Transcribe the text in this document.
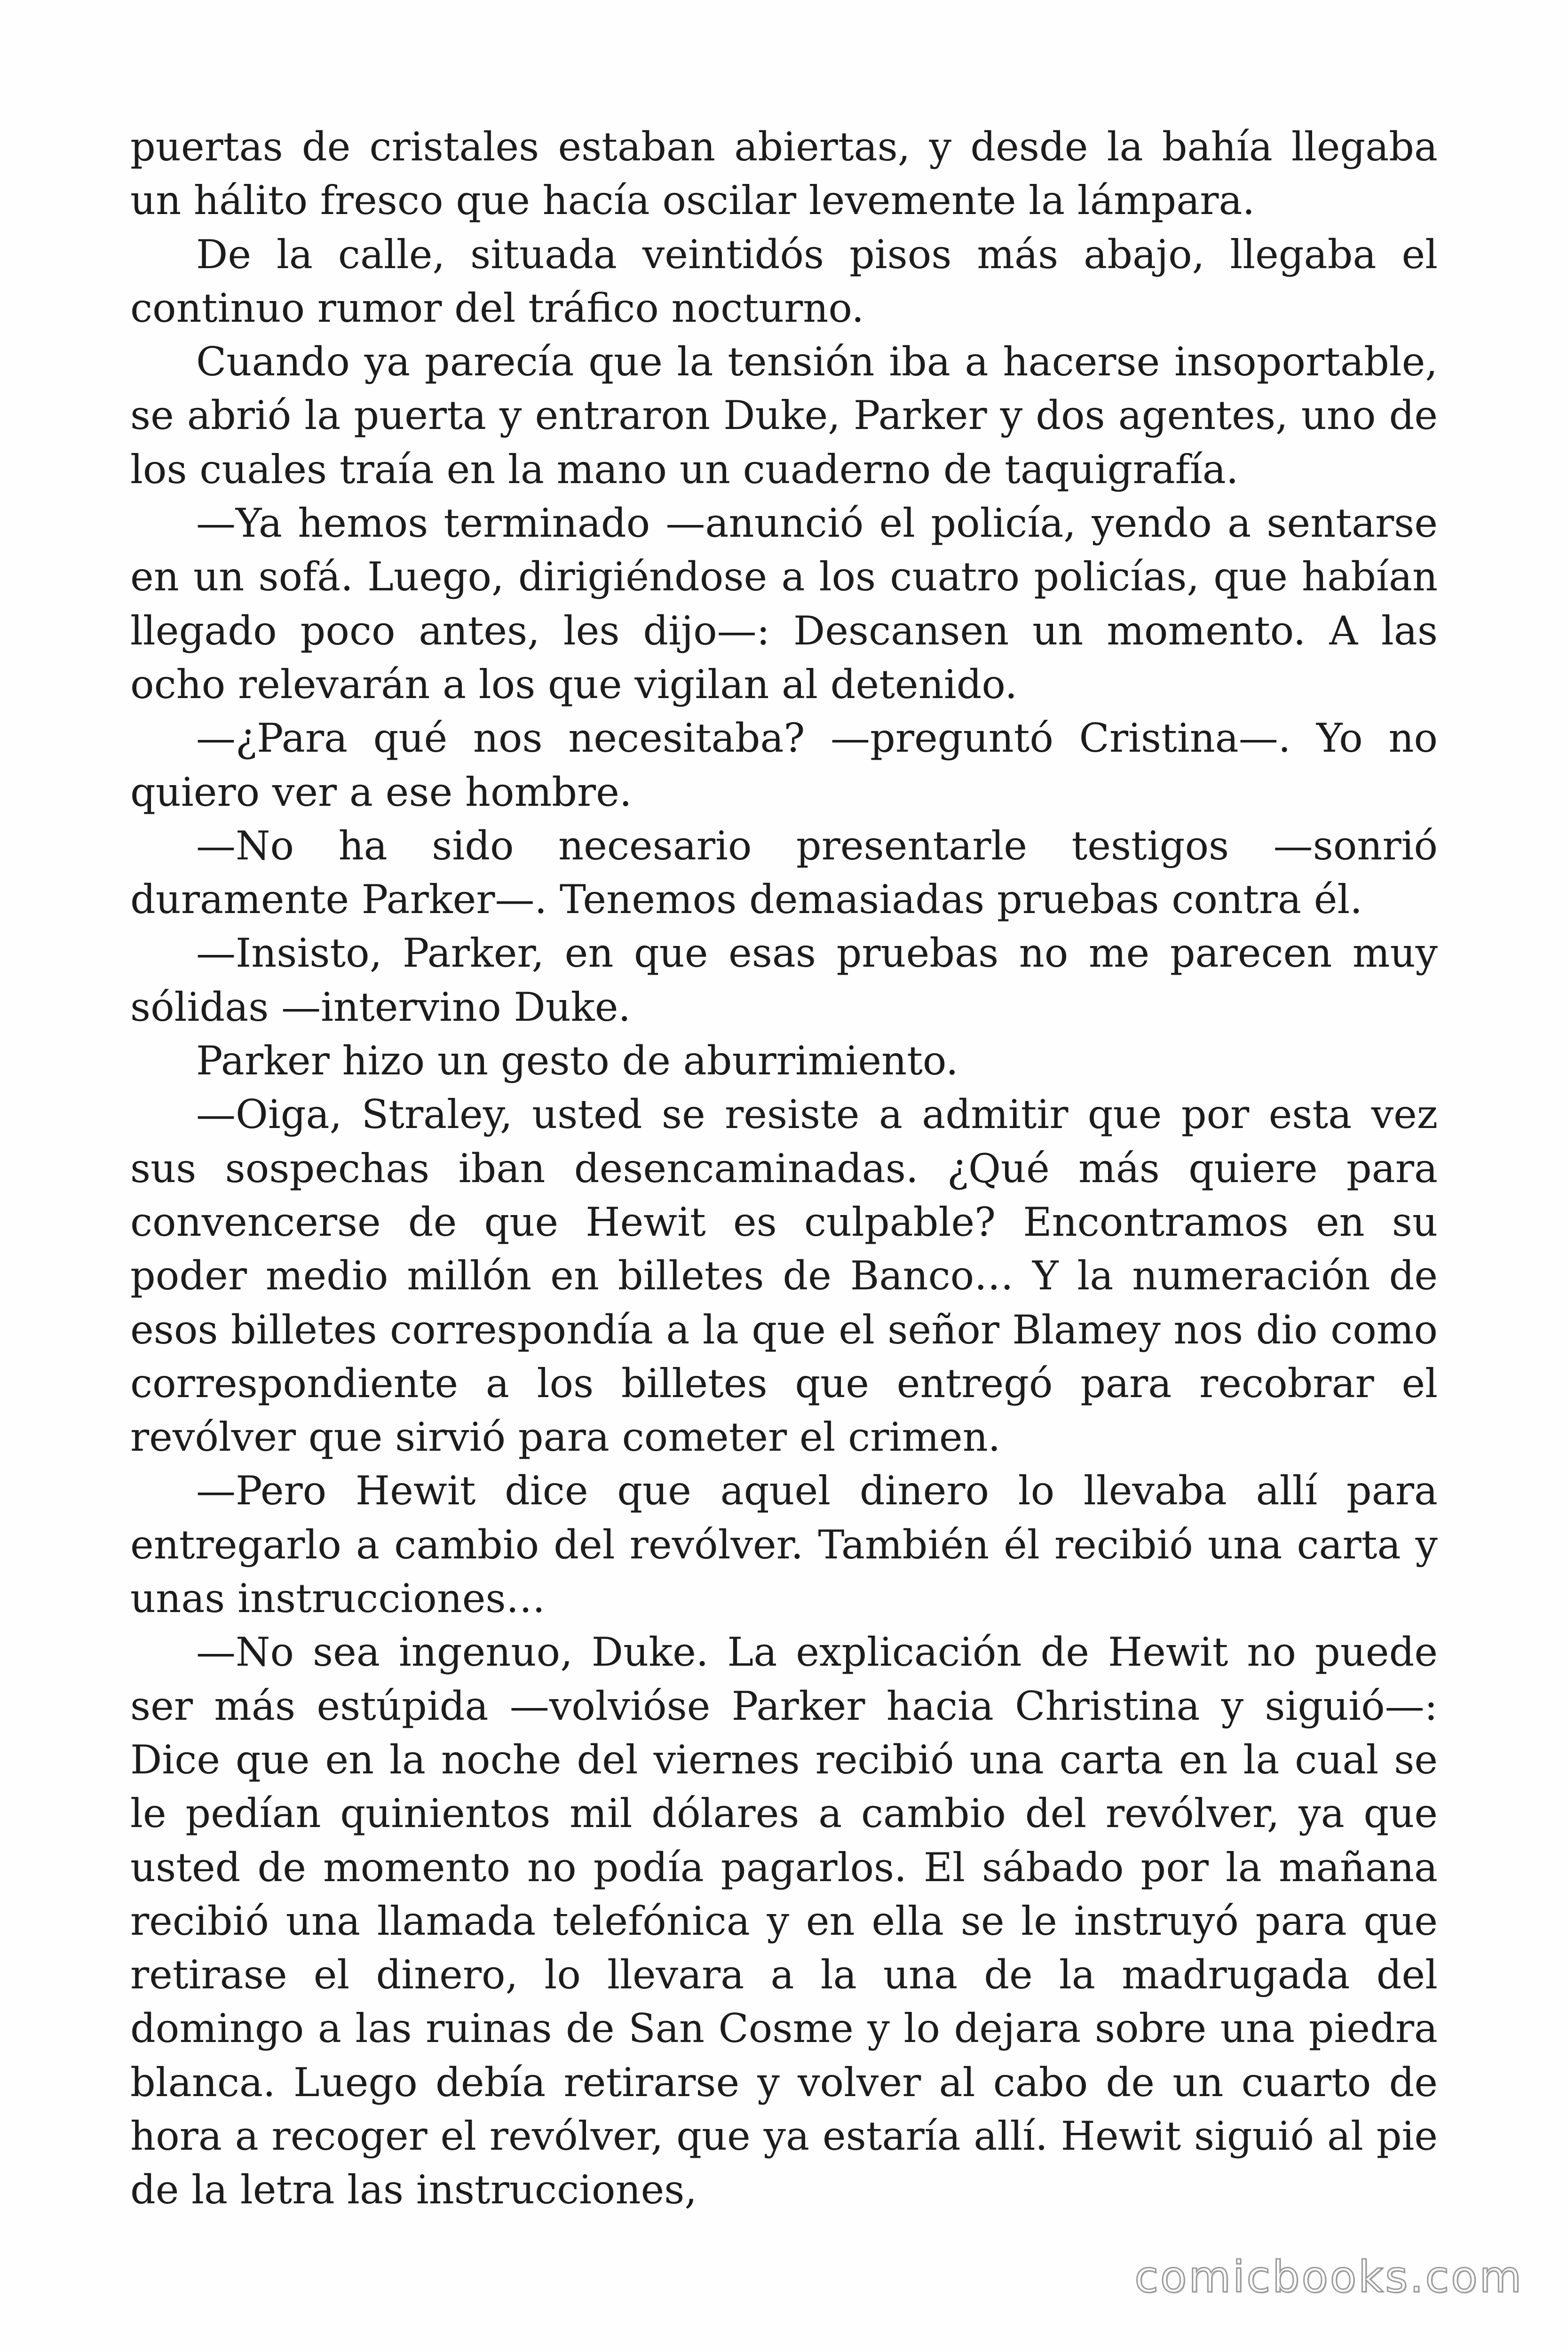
puertas de cristales estaban abiertas, y desde la bahía llegaba un hálito fresco que hacía oscilar levemente la lámpara.

De la calle, situada veintidós pisos más abajo, llegaba el continuo rumor del tráfico nocturno.

Cuando ya parecía que la tensión iba a hacerse insoportable, se abrió la puerta y entraron Duke, Parker y dos agentes, uno de los cuales traía en la mano un cuaderno de taquigrafía.

—Ya hemos terminado —anunció el policía, yendo a sentarse en un sofá. Luego, dirigiéndose a los cuatro policías, que habían llegado poco antes, les dijo—: Descansen un momento. A las ocho relevarán a los que vigilan al detenido.

—¿Para qué nos necesitaba? —preguntó Cristina—. Yo no quiero ver a ese hombre.

—No ha sido necesario presentarle testigos —sonrió duramente Parker—. Tenemos demasiadas pruebas contra él.

—Insisto, Parker, en que esas pruebas no me parecen muy sólidas —intervino Duke.

Parker hizo un gesto de aburrimiento.

—Oiga, Straley, usted se resiste a admitir que por esta vez sus sospechas iban desencaminadas. ¿Qué más quiere para convencerse de que Hewit es culpable? Encontramos en su poder medio millón en billetes de Banco… Y la numeración de esos billetes correspondía a la que el señor Blamey nos dio como correspondiente a los billetes que entregó para recobrar el revólver que sirvió para cometer el crimen.

—Pero Hewit dice que aquel dinero lo llevaba allí para entregarlo a cambio del revólver. También él recibió una carta y unas instrucciones…

—No sea ingenuo, Duke. La explicación de Hewit no puede ser más estúpida —volvióse Parker hacia Christina y siguió—: Dice que en la noche del viernes recibió una carta en la cual se le pedían quinientos mil dólares a cambio del revólver, ya que usted de momento no podía pagarlos. El sábado por la mañana recibió una llamada telefónica y en ella se le instruyó para que retirase el dinero, lo llevara a la una de la madrugada del domingo a las ruinas de San Cosme y lo dejara sobre una piedra blanca. Luego debía retirarse y volver al cabo de un cuarto de hora a recoger el revólver, que ya estaría allí. Hewit siguió al pie de la letra las instrucciones,

comicbooks.com
